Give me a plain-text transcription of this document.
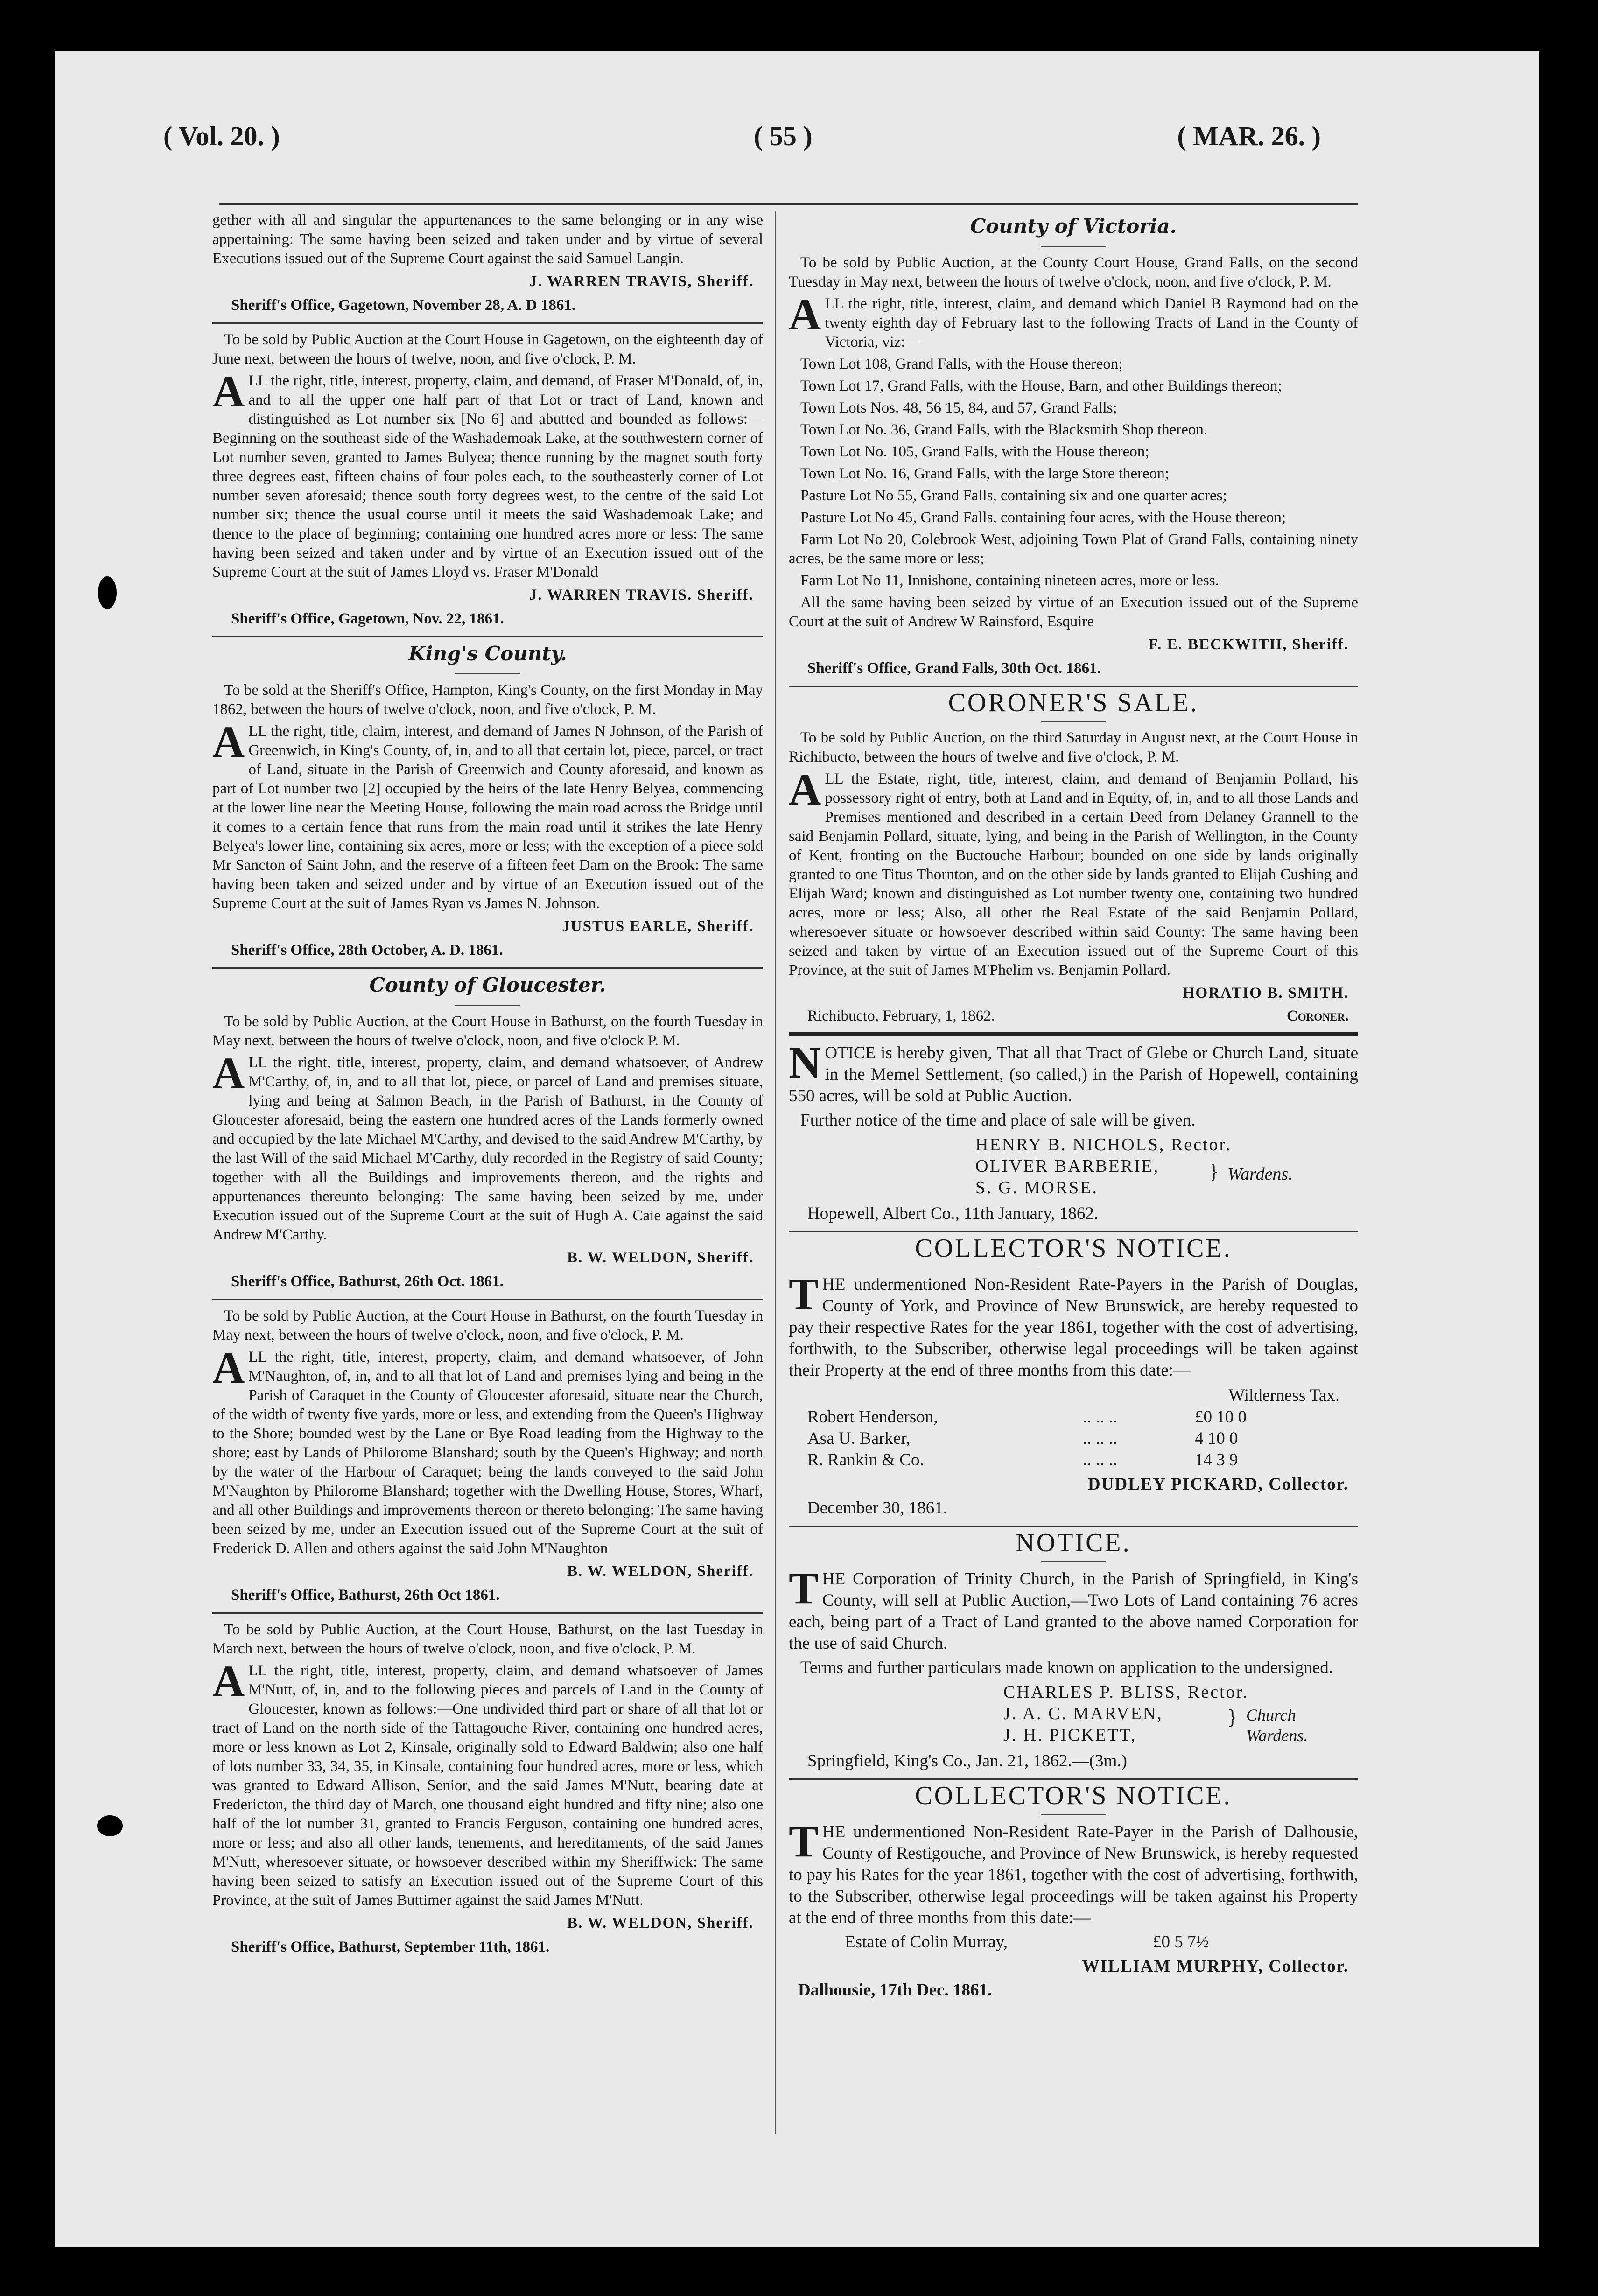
( Vol. 20. )	( 55 )	( MAR. 26. )

gether with all and singular the appurtenances to the same belonging or in any wise appertaining: The same having been seized and taken under and by virtue of several Executions issued out of the Supreme Court against the said Samuel Langin.

J. WARREN TRAVIS, Sheriff.
Sheriff's Office, Gagetown, November 28, A. D 1861.

To be sold by Public Auction at the Court House in Gagetown, on the eighteenth day of June next, between the hours of twelve, noon, and five o'clock, P. M.

ALL the right, title, interest, property, claim, and demand, of Fraser M'Donald, of, in, and to all the upper one half part of that Lot or tract of Land, known and distinguished as Lot number six [No 6] and abutted and bounded as follows:—Beginning on the southeast side of the Washademoak Lake, at the southwestern corner of Lot number seven, granted to James Bulyea; thence running by the magnet south forty three degrees east, fifteen chains of four poles each, to the southeasterly corner of Lot number seven aforesaid; thence south forty degrees west, to the centre of the said Lot number six; thence the usual course until it meets the said Washademoak Lake; and thence to the place of beginning; containing one hundred acres more or less: The same having been seized and taken under and by virtue of an Execution issued out of the Supreme Court at the suit of James Lloyd vs. Fraser M'Donald

J. WARREN TRAVIS. Sheriff.
Sheriff's Office, Gagetown, Nov. 22, 1861.
King's County.

To be sold at the Sheriff's Office, Hampton, King's County, on the first Monday in May 1862, between the hours of twelve o'clock, noon, and five o'clock, P. M.

ALL the right, title, claim, interest, and demand of James N Johnson, of the Parish of Greenwich, in King's County, of, in, and to all that certain lot, piece, parcel, or tract of Land, situate in the Parish of Greenwich and County aforesaid, and known as part of Lot number two [2] occupied by the heirs of the late Henry Belyea, commencing at the lower line near the Meeting House, following the main road across the Bridge until it comes to a certain fence that runs from the main road until it strikes the late Henry Belyea's lower line, containing six acres, more or less; with the exception of a piece sold Mr Sancton of Saint John, and the reserve of a fifteen feet Dam on the Brook: The same having been taken and seized under and by virtue of an Execution issued out of the Supreme Court at the suit of James Ryan vs James N. Johnson.

JUSTUS EARLE, Sheriff.
Sheriff's Office, 28th October, A. D. 1861.
County of Gloucester.

To be sold by Public Auction, at the Court House in Bathurst, on the fourth Tuesday in May next, between the hours of twelve o'clock, noon, and five o'clock P. M.

ALL the right, title, interest, property, claim, and demand whatsoever, of Andrew M'Carthy, of, in, and to all that lot, piece, or parcel of Land and premises situate, lying and being at Salmon Beach, in the Parish of Bathurst, in the County of Gloucester aforesaid, being the eastern one hundred acres of the Lands formerly owned and occupied by the late Michael M'Carthy, and devised to the said Andrew M'Carthy, by the last Will of the said Michael M'Carthy, duly recorded in the Registry of said County; together with all the Buildings and improvements thereon, and the rights and appurtenances thereunto belonging: The same having been seized by me, under Execution issued out of the Supreme Court at the suit of Hugh A. Caie against the said Andrew M'Carthy.

B. W. WELDON, Sheriff.
Sheriff's Office, Bathurst, 26th Oct. 1861.

To be sold by Public Auction, at the Court House in Bathurst, on the fourth Tuesday in May next, between the hours of twelve o'clock, noon, and five o'clock, P. M.

ALL the right, title, interest, property, claim, and demand whatsoever, of John M'Naughton, of, in, and to all that lot of Land and premises lying and being in the Parish of Caraquet in the County of Gloucester aforesaid, situate near the Church, of the width of twenty five yards, more or less, and extending from the Queen's Highway to the Shore; bounded west by the Lane or Bye Road leading from the Highway to the shore; east by Lands of Philorome Blanshard; south by the Queen's Highway; and north by the water of the Harbour of Caraquet; being the lands conveyed to the said John M'Naughton by Philorome Blanshard; together with the Dwelling House, Stores, Wharf, and all other Buildings and improvements thereon or thereto belonging: The same having been seized by me, under an Execution issued out of the Supreme Court at the suit of Frederick D. Allen and others against the said John M'Naughton

B. W. WELDON, Sheriff.
Sheriff's Office, Bathurst, 26th Oct 1861.

To be sold by Public Auction, at the Court House, Bathurst, on the last Tuesday in March next, between the hours of twelve o'clock, noon, and five o'clock, P. M.

ALL the right, title, interest, property, claim, and demand whatsoever of James M'Nutt, of, in, and to the following pieces and parcels of Land in the County of Gloucester, known as follows:—One undivided third part or share of all that lot or tract of Land on the north side of the Tattagouche River, containing one hundred acres, more or less known as Lot 2, Kinsale, originally sold to Edward Baldwin; also one half of lots number 33, 34, 35, in Kinsale, containing four hundred acres, more or less, which was granted to Edward Allison, Senior, and the said James M'Nutt, bearing date at Fredericton, the third day of March, one thousand eight hundred and fifty nine; also one half of the lot number 31, granted to Francis Ferguson, containing one hundred acres, more or less; and also all other lands, tenements, and hereditaments, of the said James M'Nutt, wheresoever situate, or howsoever described within my Sheriffwick: The same having been seized to satisfy an Execution issued out of the Supreme Court of this Province, at the suit of James Buttimer against the said James M'Nutt.

B. W. WELDON, Sheriff.
Sheriff's Office, Bathurst, September 11th, 1861.
County of Victoria.

To be sold by Public Auction, at the County Court House, Grand Falls, on the second Tuesday in May next, between the hours of twelve o'clock, noon, and five o'clock, P. M.

ALL the right, title, interest, claim, and demand which Daniel B Raymond had on the twenty eighth day of February last to the following Tracts of Land in the County of Victoria, viz:—

Town Lot 108, Grand Falls, with the House thereon;

Town Lot 17, Grand Falls, with the House, Barn, and other Buildings thereon;

Town Lots Nos. 48, 56 15, 84, and 57, Grand Falls;

Town Lot No. 36, Grand Falls, with the Blacksmith Shop thereon.

Town Lot No. 105, Grand Falls, with the House thereon;

Town Lot No. 16, Grand Falls, with the large Store thereon;

Pasture Lot No 55, Grand Falls, containing six and one quarter acres;

Pasture Lot No 45, Grand Falls, containing four acres, with the House thereon;

Farm Lot No 20, Colebrook West, adjoining Town Plat of Grand Falls, containing ninety acres, be the same more or less;

Farm Lot No 11, Innishone, containing nineteen acres, more or less.

All the same having been seized by virtue of an Execution issued out of the Supreme Court at the suit of Andrew W Rainsford, Esquire

F. E. BECKWITH, Sheriff.
Sheriff's Office, Grand Falls, 30th Oct. 1861.
CORONER'S SALE.

To be sold by Public Auction, on the third Saturday in August next, at the Court House in Richibucto, between the hours of twelve and five o'clock, P. M.

ALL the Estate, right, title, interest, claim, and demand of Benjamin Pollard, his possessory right of entry, both at Land and in Equity, of, in, and to all those Lands and Premises mentioned and described in a certain Deed from Delaney Grannell to the said Benjamin Pollard, situate, lying, and being in the Parish of Wellington, in the County of Kent, fronting on the Buctouche Harbour; bounded on one side by lands originally granted to one Titus Thornton, and on the other side by lands granted to Elijah Cushing and Elijah Ward; known and distinguished as Lot number twenty one, containing two hundred acres, more or less; Also, all other the Real Estate of the said Benjamin Pollard, wheresoever situate or howsoever described within said County: The same having been seized and taken by virtue of an Execution issued out of the Supreme Court of this Province, at the suit of James M'Phelim vs. Benjamin Pollard.

HORATIO B. SMITH.
Richibucto, February, 1, 1862.	Coroner.

NOTICE is hereby given, That all that Tract of Glebe or Church Land, situate in the Memel Settlement, (so called,) in the Parish of Hopewell, containing 550 acres, will be sold at Public Auction.

Further notice of the time and place of sale will be given.

HENRY B. NICHOLS, Rector.
OLIVER BARBERIE,
S. G. MORSE.
} Wardens.

Hopewell, Albert Co., 11th January, 1862.

COLLECTOR'S NOTICE.

THE undermentioned Non-Resident Rate-Payers in the Parish of Douglas, County of York, and Province of New Brunswick, are hereby requested to pay their respective Rates for the year 1861, together with the cost of advertising, forthwith, to the Subscriber, otherwise legal proceedings will be taken against their Property at the end of three months from this date:—

Wilderness Tax.
Robert Henderson,	.. .. ..	£0 10 0
Asa U. Barker,	.. .. ..	4 10 0
R. Rankin & Co.	.. .. ..	14 3 9
DUDLEY PICKARD, Collector.

December 30, 1861.

NOTICE.

THE Corporation of Trinity Church, in the Parish of Springfield, in King's County, will sell at Public Auction,—Two Lots of Land containing 76 acres each, being part of a Tract of Land granted to the above named Corporation for the use of said Church.

Terms and further particulars made known on application to the undersigned.

CHARLES P. BLISS, Rector.
J. A. C. MARVEN,
J. H. PICKETT,
} Church Wardens.

Springfield, King's Co., Jan. 21, 1862.—(3m.)

COLLECTOR'S NOTICE.

THE undermentioned Non-Resident Rate-Payer in the Parish of Dalhousie, County of Restigouche, and Province of New Brunswick, is hereby requested to pay his Rates for the year 1861, together with the cost of advertising, forthwith, to the Subscriber, otherwise legal proceedings will be taken against his Property at the end of three months from this date:—

Estate of Colin Murray,	£0 5 7½
WILLIAM MURPHY, Collector.

Dalhousie, 17th Dec. 1861.
